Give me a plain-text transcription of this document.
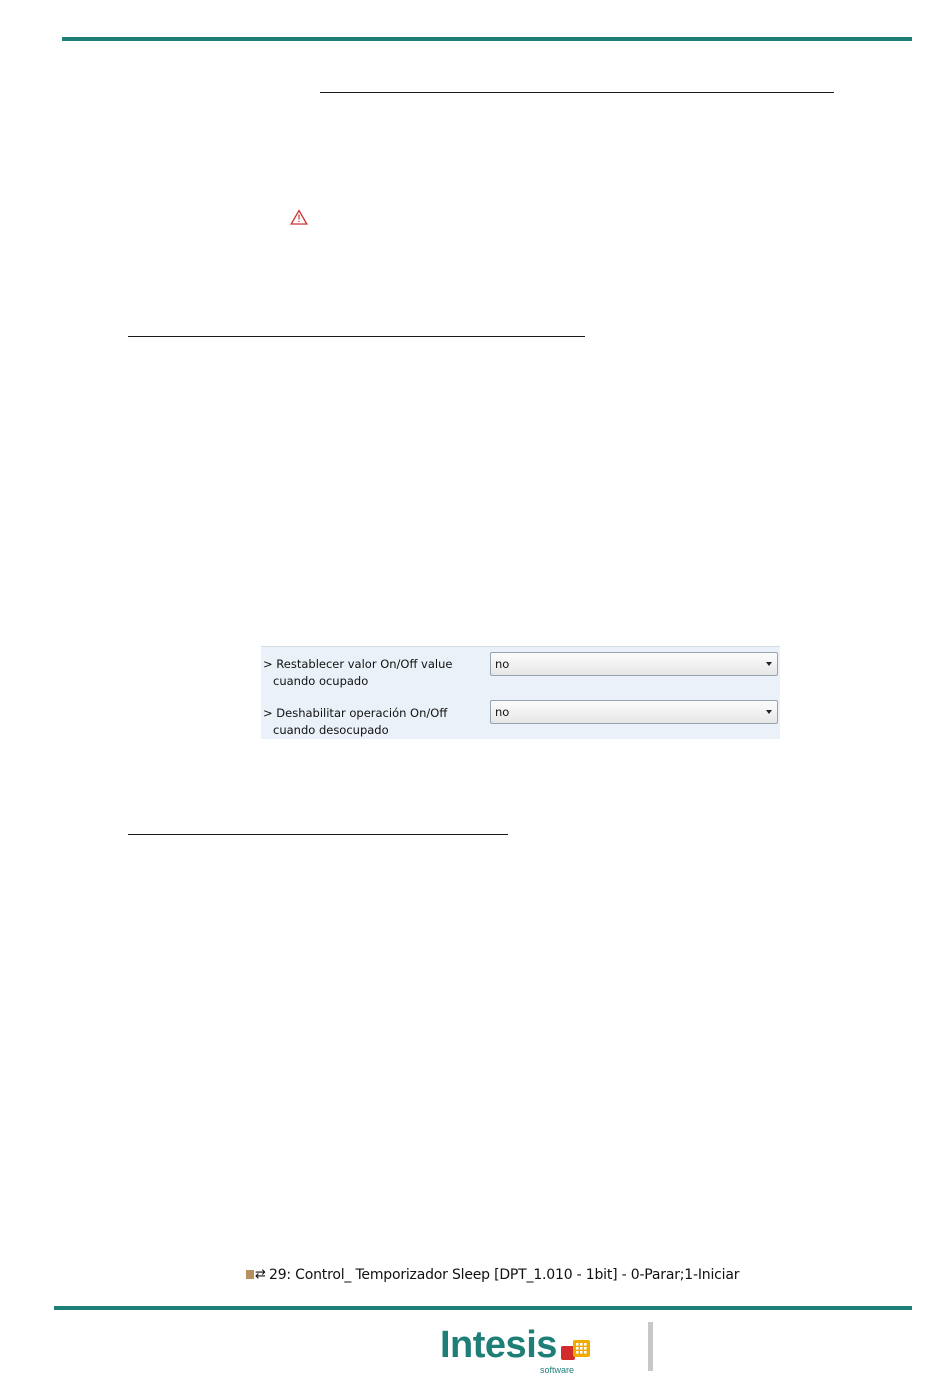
> Restablecer valor On/Off value
cuando ocupado
no
> Deshabilitar operación On/Off
cuando desocupado
no
⇄ 29: Control_ Temporizador Sleep [DPT_1.010 - 1bit] - 0-Parar;1-Iniciar
Intesis
software
